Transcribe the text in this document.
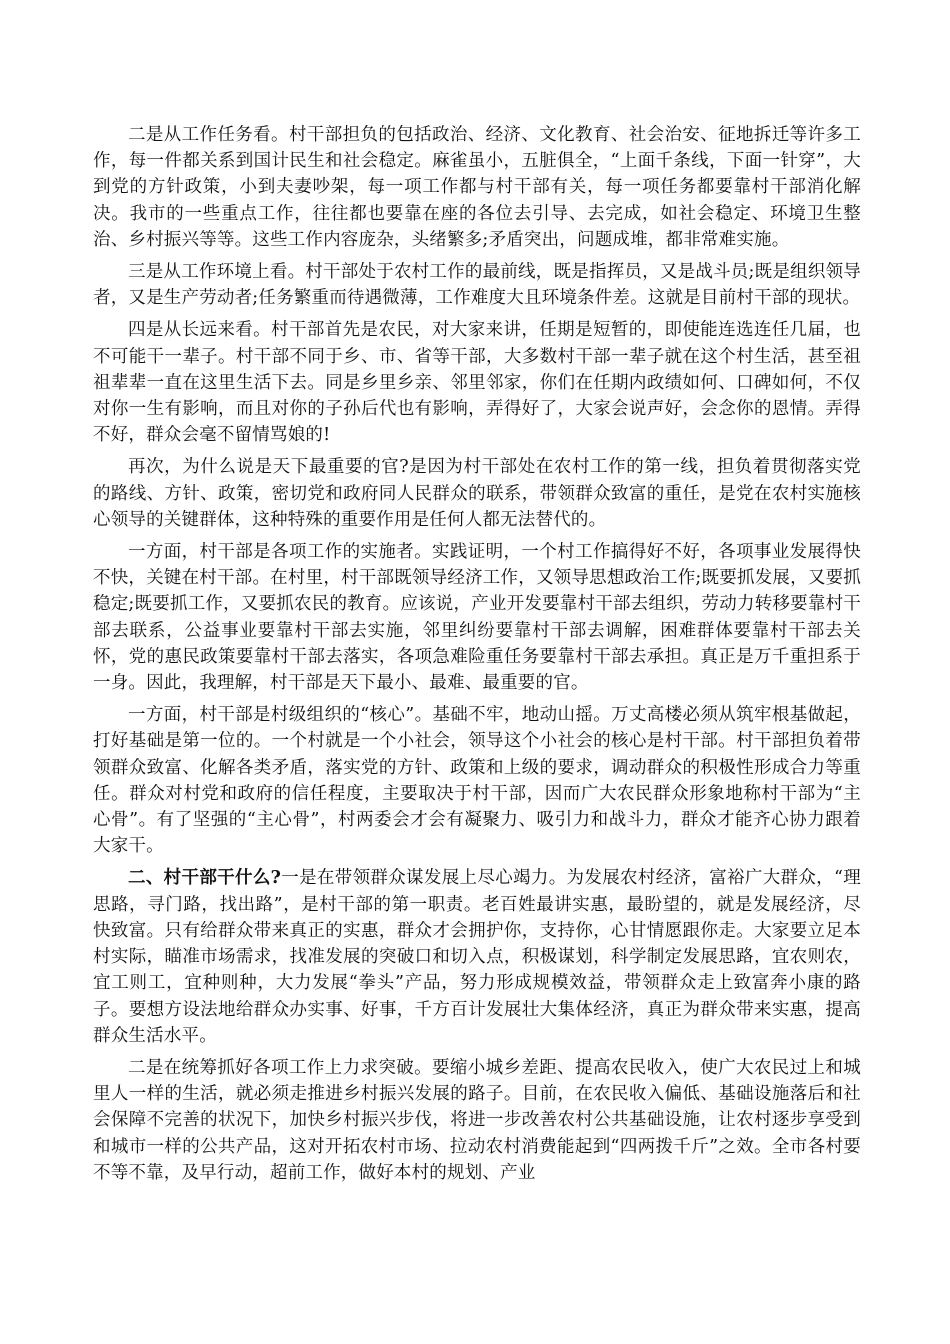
二是从工作任务看。村干部担负的包括政治、经济、文化教育、社会治安、征地拆迁等许多工作，每一件都关系到国计民生和社会稳定。麻雀虽小，五脏俱全，“上面千条线，下面一针穿”，大到党的方针政策，小到夫妻吵架，每一项工作都与村干部有关，每一项任务都要靠村干部消化解决。我市的一些重点工作，往往都也要靠在座的各位去引导、去完成，如社会稳定、环境卫生整治、乡村振兴等等。这些工作内容庞杂，头绪繁多;矛盾突出，问题成堆，都非常难实施。

三是从工作环境上看。村干部处于农村工作的最前线，既是指挥员，又是战斗员;既是组织领导者，又是生产劳动者;任务繁重而待遇微薄，工作难度大且环境条件差。这就是目前村干部的现状。

四是从长远来看。村干部首先是农民，对大家来讲，任期是短暂的，即使能连选连任几届，也不可能干一辈子。村干部不同于乡、市、省等干部，大多数村干部一辈子就在这个村生活，甚至祖祖辈辈一直在这里生活下去。同是乡里乡亲、邻里邻家，你们在任期内政绩如何、口碑如何，不仅对你一生有影响，而且对你的子孙后代也有影响，弄得好了，大家会说声好，会念你的恩情。弄得不好，群众会毫不留情骂娘的!

再次，为什么说是天下最重要的官?是因为村干部处在农村工作的第一线，担负着贯彻落实党的路线、方针、政策，密切党和政府同人民群众的联系，带领群众致富的重任，是党在农村实施核心领导的关键群体，这种特殊的重要作用是任何人都无法替代的。

一方面，村干部是各项工作的实施者。实践证明，一个村工作搞得好不好，各项事业发展得快不快，关键在村干部。在村里，村干部既领导经济工作，又领导思想政治工作;既要抓发展，又要抓稳定;既要抓工作，又要抓农民的教育。应该说，产业开发要靠村干部去组织，劳动力转移要靠村干部去联系，公益事业要靠村干部去实施，邻里纠纷要靠村干部去调解，困难群体要靠村干部去关怀，党的惠民政策要靠村干部去落实，各项急难险重任务要靠村干部去承担。真正是万千重担系于一身。因此，我理解，村干部是天下最小、最难、最重要的官。

一方面，村干部是村级组织的“核心”。基础不牢，地动山摇。万丈高楼必须从筑牢根基做起，打好基础是第一位的。一个村就是一个小社会，领导这个小社会的核心是村干部。村干部担负着带领群众致富、化解各类矛盾，落实党的方针、政策和上级的要求，调动群众的积极性形成合力等重任。群众对村党和政府的信任程度，主要取决于村干部，因而广大农民群众形象地称村干部为“主心骨”。有了坚强的“主心骨”，村两委会才会有凝聚力、吸引力和战斗力，群众才能齐心协力跟着大家干。

二、村干部干什么?一是在带领群众谋发展上尽心竭力。为发展农村经济，富裕广大群众，“理思路，寻门路，找出路”，是村干部的第一职责。老百姓最讲实惠，最盼望的，就是发展经济，尽快致富。只有给群众带来真正的实惠，群众才会拥护你，支持你，心甘情愿跟你走。大家要立足本村实际，瞄准市场需求，找准发展的突破口和切入点，积极谋划，科学制定发展思路，宜农则农，宜工则工，宜种则种，大力发展“拳头”产品，努力形成规模效益，带领群众走上致富奔小康的路子。要想方设法地给群众办实事、好事，千方百计发展壮大集体经济，真正为群众带来实惠，提高群众生活水平。

二是在统筹抓好各项工作上力求突破。要缩小城乡差距、提高农民收入，使广大农民过上和城里人一样的生活，就必须走推进乡村振兴发展的路子。目前，在农民收入偏低、基础设施落后和社会保障不完善的状况下，加快乡村振兴步伐，将进一步改善农村公共基础设施，让农村逐步享受到和城市一样的公共产品，这对开拓农村市场、拉动农村消费能起到“四两拨千斤”之效。全市各村要不等不靠，及早行动，超前工作，做好本村的规划、产业
